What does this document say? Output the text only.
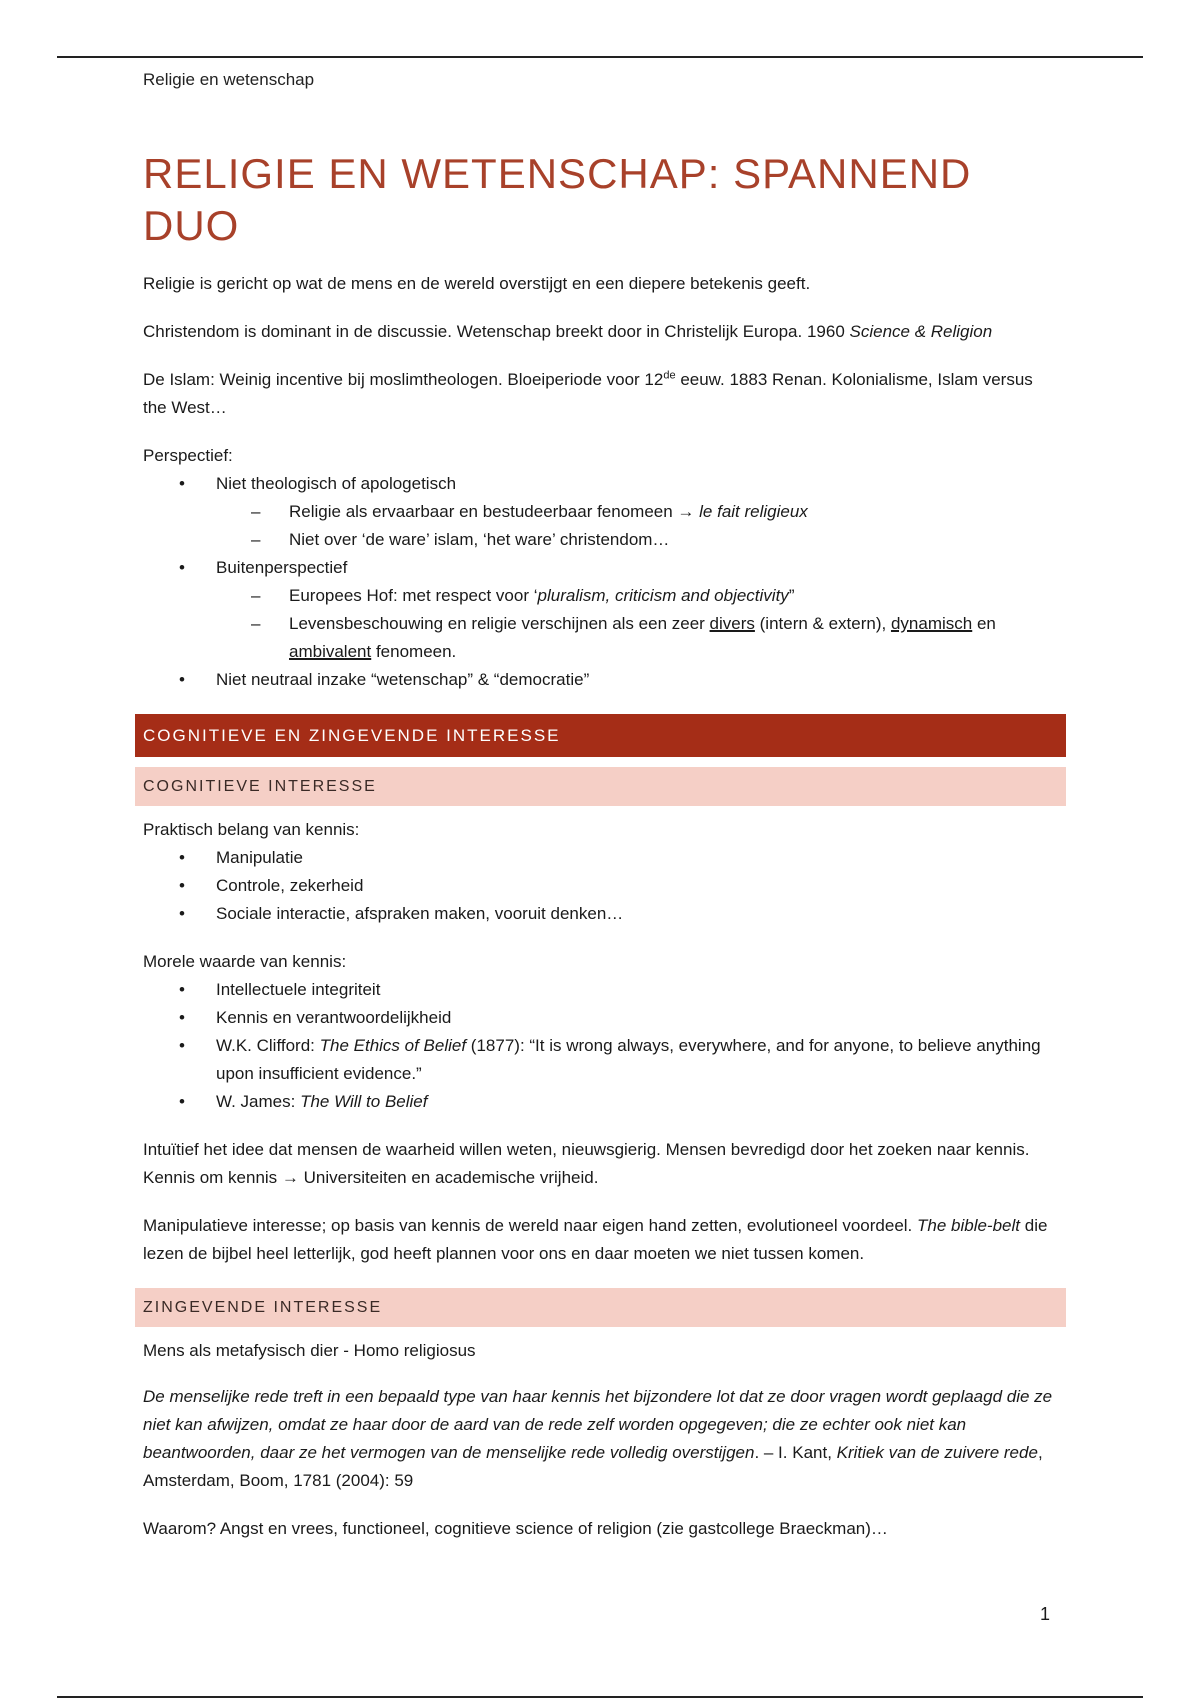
Religie en wetenschap
RELIGIE EN WETENSCHAP: SPANNEND DUO

Religie is gericht op wat de mens en de wereld overstijgt en een diepere betekenis geeft.

Christendom is dominant in de discussie. Wetenschap breekt door in Christelijk Europa. 1960 Science & Religion

De Islam: Weinig incentive bij moslimtheologen. Bloeiperiode voor 12de eeuw. 1883 Renan. Kolonialisme, Islam versus the West…

Perspectief:
•	Niet theologisch of apologetisch
– Religie als ervaarbaar en bestudeerbaar fenomeen → le fait religieux
– Niet over ‘de ware’ islam, ‘het ware’ christendom…
•	Buitenperspectief
– Europees Hof: met respect voor ‘pluralism, criticism and objectivity”
– Levensbeschouwing en religie verschijnen als een zeer divers (intern & extern), dynamisch en ambivalent fenomeen.
•	Niet neutraal inzake “wetenschap” & “democratie”
COGNITIEVE EN ZINGEVENDE INTERESSE
COGNITIEVE INTERESSE
Praktisch belang van kennis:
•	Manipulatie
•	Controle, zekerheid
•	Sociale interactie, afspraken maken, vooruit denken…
Morele waarde van kennis:
•	Intellectuele integriteit
•	Kennis en verantwoordelijkheid
•	W.K. Clifford: The Ethics of Belief (1877): “It is wrong always, everywhere, and for anyone, to believe anything upon insufficient evidence.”
•	W. James: The Will to Belief

Intuïtief het idee dat mensen de waarheid willen weten, nieuwsgierig. Mensen bevredigd door het zoeken naar kennis. Kennis om kennis → Universiteiten en academische vrijheid.

Manipulatieve interesse; op basis van kennis de wereld naar eigen hand zetten, evolutioneel voordeel. The bible-belt die lezen de bijbel heel letterlijk, god heeft plannen voor ons en daar moeten we niet tussen komen.

ZINGEVENDE INTERESSE

Mens als metafysisch dier - Homo religiosus

De menselijke rede treft in een bepaald type van haar kennis het bijzondere lot dat ze door vragen wordt geplaagd die ze niet kan afwijzen, omdat ze haar door de aard van de rede zelf worden opgegeven; die ze echter ook niet kan beantwoorden, daar ze het vermogen van de menselijke rede volledig overstijgen. – I. Kant, Kritiek van de zuivere rede, Amsterdam, Boom, 1781 (2004): 59

Waarom? Angst en vrees, functioneel, cognitieve science of religion (zie gastcollege Braeckman)…

1
